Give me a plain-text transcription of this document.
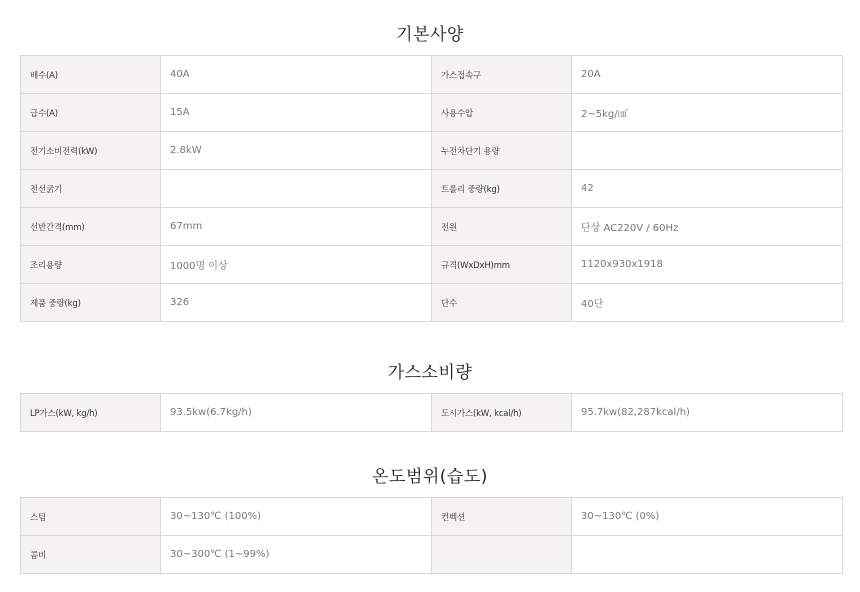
기본사양
배수(A)	40A	가스접속구	20A
급수(A)	15A	사용수압	2~5kg/㎠
전기소비전력(kW)	2.8kW	누전차단기 용량	
전선굵기		트롤리 중량(kg)	42
선반간격(mm)	67mm	전원	단상 AC220V / 60Hz
조리용량	1000명 이상	규격(WxDxH)mm	1120x930x1918
제품 중량(kg)	326	단수	40단
가스소비량
LP가스(kW, kg/h)	93.5kw(6.7kg/h)	도시가스(kW, kcal/h)	95.7kw(82,287kcal/h)
온도범위(습도)
스팀	30~130℃ (100%)	컨벡션	30~130℃ (0%)
콤비	30~300℃ (1~99%)		
